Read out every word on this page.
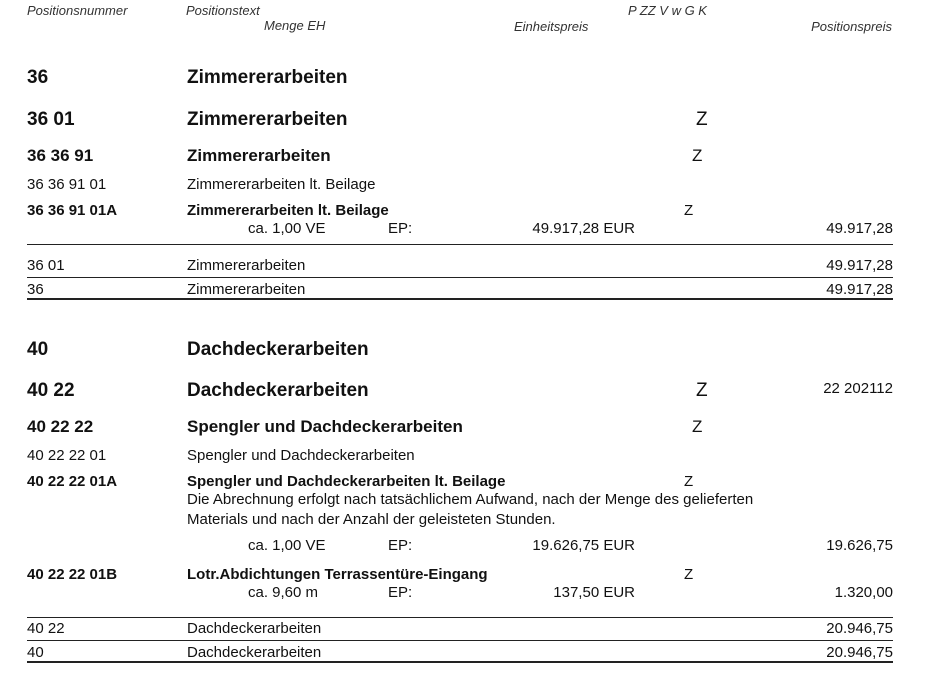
Positionsnummer	Positionstext
Menge EH
P ZZ V w G K
Einheitspreis	Positionspreis
36	Zimmererarbeiten
36 01	Zimmererarbeiten	Z
36 36 91	Zimmererarbeiten	Z
36 36 91 01	Zimmererarbeiten lt. Beilage
36 36 91 01A	Zimmererarbeiten lt. Beilage	Z
ca. 1,00 VE	EP:	49.917,28 EUR	49.917,28
36 01	Zimmererarbeiten	49.917,28
36	Zimmererarbeiten	49.917,28
40	Dachdeckerarbeiten
40 22	Dachdeckerarbeiten	Z	22 202112
40 22 22	Spengler und Dachdeckerarbeiten	Z
40 22 22 01	Spengler und Dachdeckerarbeiten
40 22 22 01A	Spengler und Dachdeckerarbeiten lt. Beilage	Z
Die Abrechnung erfolgt nach tatsächlichem Aufwand, nach der Menge des gelieferten
Materials und nach der Anzahl der geleisteten Stunden.
ca. 1,00 VE	EP:	19.626,75 EUR	19.626,75
40 22 22 01B	Lotr.Abdichtungen Terrassentüre-Eingang	Z
ca. 9,60 m	EP:	137,50 EUR	1.320,00
40 22	Dachdeckerarbeiten	20.946,75
40	Dachdeckerarbeiten	20.946,75
